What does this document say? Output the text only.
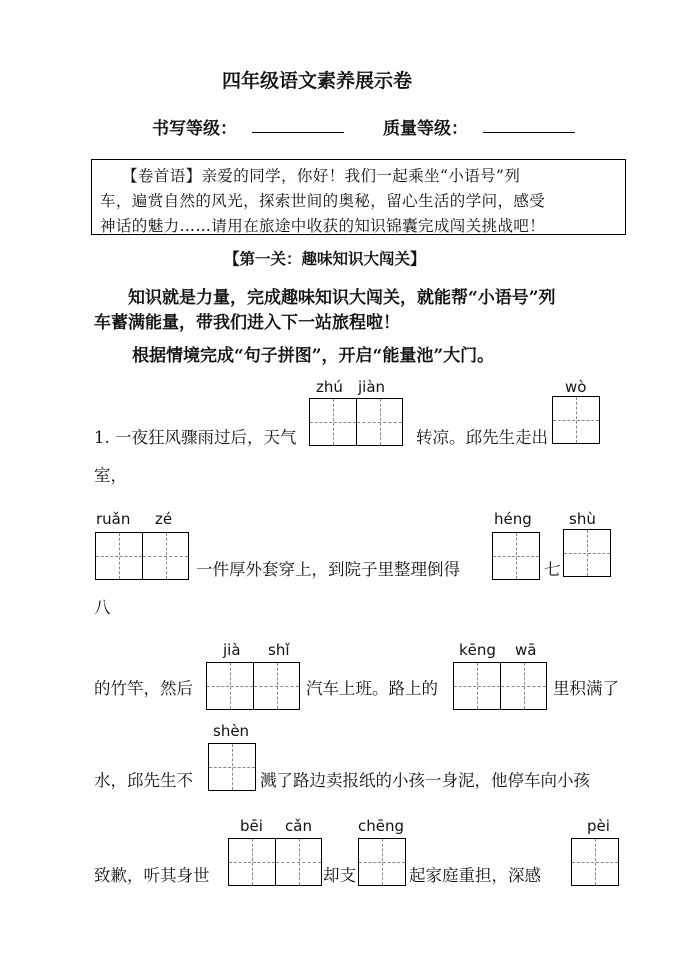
四年级语文素养展示卷
书写等级：	质量等级：
【卷首语】亲爱的同学，你好！我们一起乘坐“小语号”列
车，遍赏自然的风光，探索世间的奥秘，留心生活的学问，感受
神话的魅力……请用在旅途中收获的知识锦囊完成闯关挑战吧！
【第一关：趣味知识大闯关】
知识就是力量，完成趣味知识大闯关，就能帮“小语号”列
车蓄满能量，带我们进入下一站旅程啦！
根据情境完成“句子拼图”，开启“能量池”大门。
zhú jiàn	wò
1. 一夜狂风骤雨过后，天气	转凉。邱先生走出
室，
ruǎn zé	héng shù
一件厚外套穿上，到院子里整理倒得	七
八
jià shǐ	kēng wā
的竹竿，然后	汽车上班。路上的	里积满了
shèn
水，邱先生不	溅了路边卖报纸的小孩一身泥，他停车向小孩
bēi cǎn	chēng	pèi
致歉，听其身世	却支	起家庭重担，深感
